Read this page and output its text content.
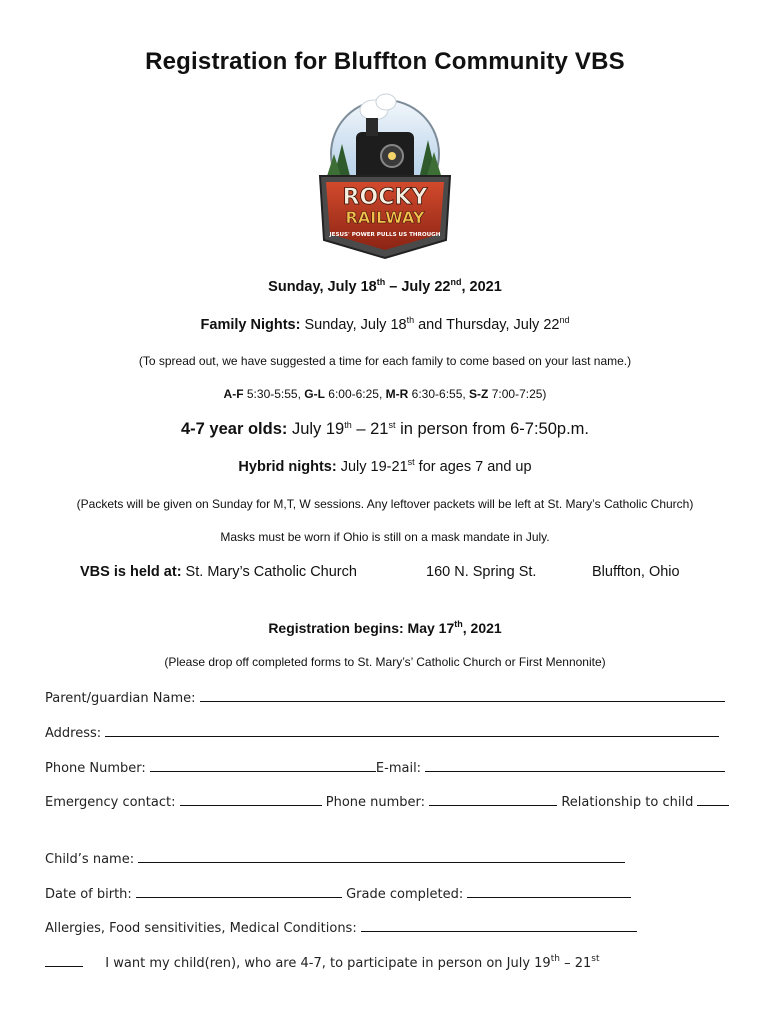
Registration for Bluffton Community VBS
ROCKY
RAILWAY
JESUS' POWER PULLS US THROUGH
Sunday, July 18th – July 22nd, 2021
Family Nights: Sunday, July 18th and Thursday, July 22nd
(To spread out, we have suggested a time for each family to come based on your last name.)
A-F 5:30-5:55, G-L 6:00-6:25, M-R 6:30-6:55, S-Z 7:00-7:25)
4-7 year olds: July 19th – 21st in person from 6-7:50p.m.
Hybrid nights: July 19-21st for ages 7 and up
(Packets will be given on Sunday for M,T, W sessions. Any leftover packets will be left at St. Mary’s Catholic Church)
Masks must be worn if Ohio is still on a mask mandate in July.
VBS is held at: St. Mary’s Catholic Church	160 N. Spring St.	Bluffton, Ohio
Registration begins: May 17th, 2021
(Please drop off completed forms to St. Mary’s’ Catholic Church or First Mennonite)
Parent/guardian Name:
Address:
Phone Number:	E-mail:
Emergency contact:	Phone number:	Relationship to child
Child’s name:
Date of birth:	Grade completed:
Allergies, Food sensitivities, Medical Conditions:
I want my child(ren), who are 4-7, to participate in person on July 19th – 21st
